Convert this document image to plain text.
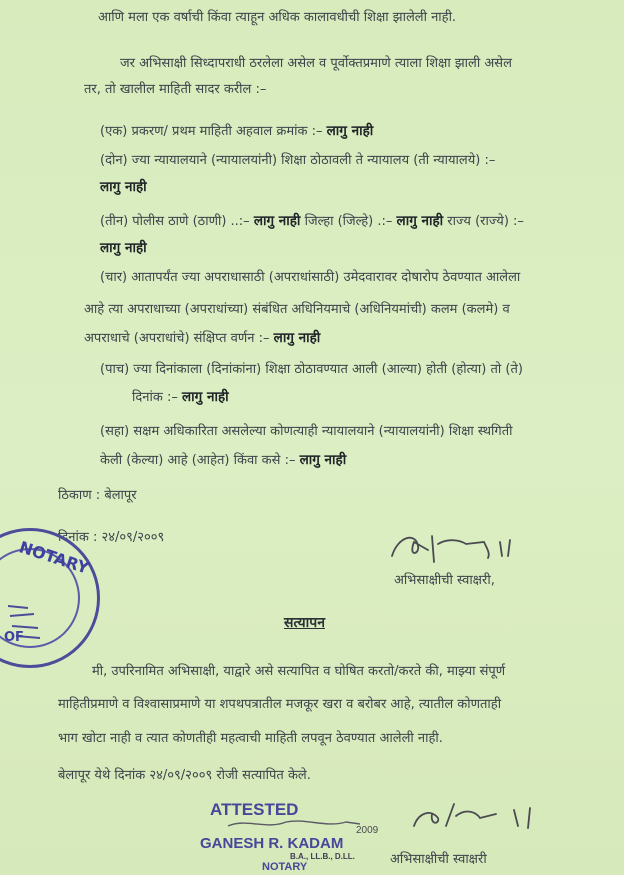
आणि मला एक वर्षाची किंवा त्याहून अधिक कालावधीची शिक्षा झालेली नाही.
जर अभिसाक्षी सिध्दापराधी ठरलेला असेल व पूर्वोक्तप्रमाणे त्याला शिक्षा झाली असेल
तर, तो खालील माहिती सादर करील :–
(एक) प्रकरण/ प्रथम माहिती अहवाल क्रमांक :– लागु नाही
(दोन) ज्या न्यायालयाने (न्यायालयांनी) शिक्षा ठोठावली ते न्यायालय (ती न्यायालये) :–
लागु नाही
(तीन) पोलीस ठाणे (ठाणी) ..:– लागु नाही जिल्हा (जिल्हे) .:– लागु नाही राज्य (राज्ये) :–
लागु नाही
(चार) आतापर्यंत ज्या अपराधासाठी (अपराधांसाठी) उमेदवारावर दोषारोप ठेवण्यात आलेला
आहे त्या अपराधाच्या (अपराधांच्या) संबंधित अधिनियमाचे (अधिनियमांची) कलम (कलमे) व
अपराधाचे (अपराधांचे) संक्षिप्त वर्णन :– लागु नाही
(पाच) ज्या दिनांकाला (दिनांकांना) शिक्षा ठोठावण्यात आली (आल्या) होती (होत्या) तो (ते)
दिनांक :– लागु नाही
(सहा) सक्षम अधिकारिता असलेल्या कोणत्याही न्यायालयाने (न्यायालयांनी) शिक्षा स्थगिती
केली (केल्या) आहे (आहेत) किंवा कसे :– लागु नाही
ठिकाण : बेलापूर
दिनांक : २४/०९/२००९
अभिसाक्षीची स्वाक्षरी,
NOTARY
OF
सत्यापन
मी, उपरिनामित अभिसाक्षी, याद्वारे असे सत्यापित व घोषित करतो/करते की, माझ्या संपूर्ण
माहितीप्रमाणे व विश्वासाप्रमाणे या शपथपत्रातील मजकूर खरा व बरोबर आहे, त्यातील कोणताही
भाग खोटा नाही व त्यात कोणतीही महत्वाची माहिती लपवून ठेवण्यात आलेली नाही.
बेलापूर येथे दिनांक २४/०९/२००९ रोजी सत्यापित केले.
ATTESTED
2009
GANESH R. KADAM
B.A., LL.B., D.LL.
NOTARY	अभिसाक्षीची स्वाक्षरी
